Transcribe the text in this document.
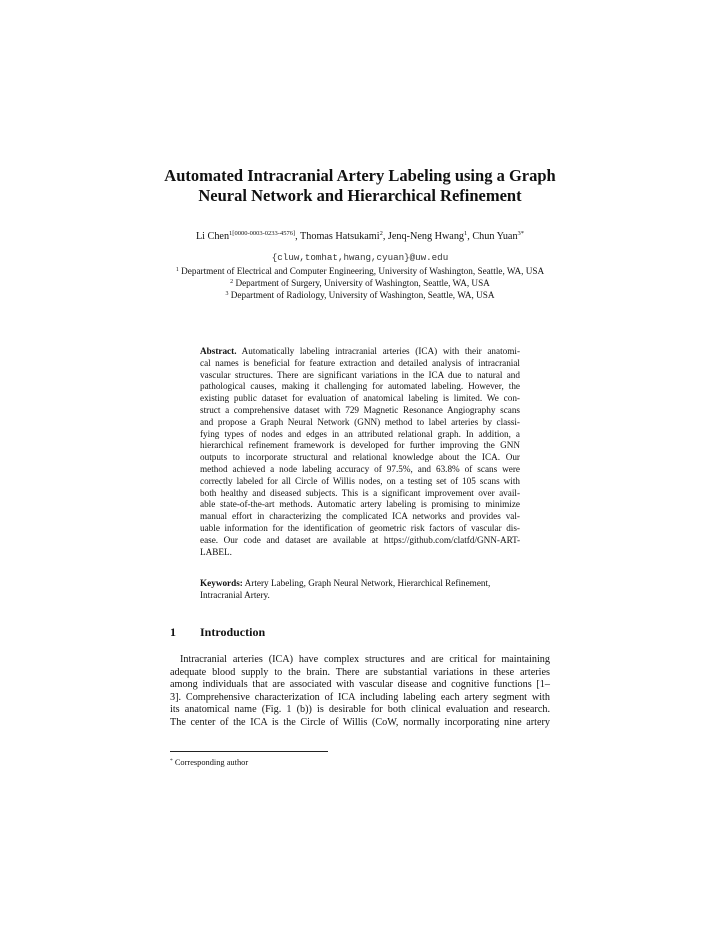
Automated Intracranial Artery Labeling using a Graph
Neural Network and Hierarchical Refinement
Li Chen$^{1[0000-0003-0233-4576]}$, Thomas Hatsukami$^2$, Jenq-Neng Hwang$^1$, Chun Yuan$^{3*}$
{cluw,tomhat,hwang,cyuan}@uw.edu
$^1$ Department of Electrical and Computer Engineering, University of Washington, Seattle, WA, USA
$^2$ Department of Surgery, University of Washington, Seattle, WA, USA
$^3$ Department of Radiology, University of Washington, Seattle, WA, USA
Abstract. Automatically labeling intracranial arteries (ICA) with their anatomi-
cal names is beneficial for feature extraction and detailed analysis of intracranial
vascular structures. There are significant variations in the ICA due to natural and
pathological causes, making it challenging for automated labeling. However, the
existing public dataset for evaluation of anatomical labeling is limited. We con-
struct a comprehensive dataset with 729 Magnetic Resonance Angiography scans
and propose a Graph Neural Network (GNN) method to label arteries by classi-
fying types of nodes and edges in an attributed relational graph. In addition, a
hierarchical refinement framework is developed for further improving the GNN
outputs to incorporate structural and relational knowledge about the ICA. Our
method achieved a node labeling accuracy of 97.5%, and 63.8% of scans were
correctly labeled for all Circle of Willis nodes, on a testing set of 105 scans with
both healthy and diseased subjects. This is a significant improvement over avail-
able state-of-the-art methods. Automatic artery labeling is promising to minimize
manual effort in characterizing the complicated ICA networks and provides val-
uable information for the identification of geometric risk factors of vascular dis-
ease. Our code and dataset are available at https://github.com/clatfd/GNN-ART-
LABEL.
Keywords: Artery Labeling, Graph Neural Network, Hierarchical Refinement,
Intracranial Artery.
1 Introduction
Intracranial arteries (ICA) have complex structures and are critical for maintaining
adequate blood supply to the brain. There are substantial variations in these arteries
among individuals that are associated with vascular disease and cognitive functions [1–
3]. Comprehensive characterization of ICA including labeling each artery segment with
its anatomical name (Fig. 1 (b)) is desirable for both clinical evaluation and research.
The center of the ICA is the Circle of Willis (CoW, normally incorporating nine artery
* Corresponding author
